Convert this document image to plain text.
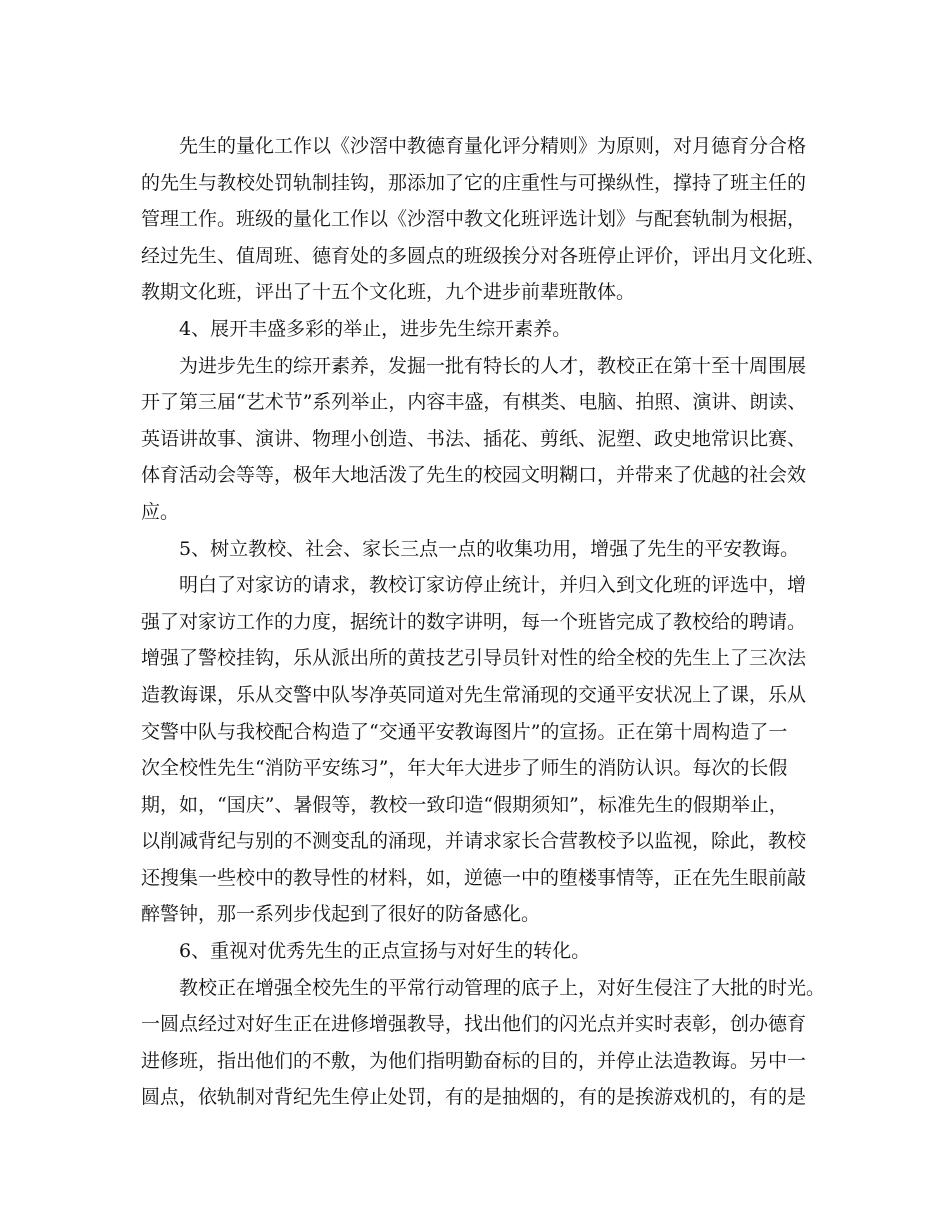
先生的量化工作以《沙滘中教德育量化评分精则》为原则，对月德育分合格
的先生与教校处罚轨制挂钩，那添加了它的庄重性与可操纵性，撑持了班主任的
管理工作。班级的量化工作以《沙滘中教文化班评选计划》与配套轨制为根据，
经过先生、值周班、德育处的多圆点的班级挨分对各班停止评价，评出月文化班、
教期文化班，评出了十五个文化班，九个进步前辈班散体。
4、展开丰盛多彩的举止，进步先生综开素养。
为进步先生的综开素养，发掘一批有特长的人才，教校正在第十至十周围展
开了第三届“艺术节”系列举止，内容丰盛，有棋类、电脑、拍照、演讲、朗读、
英语讲故事、演讲、物理小创造、书法、插花、剪纸、泥塑、政史地常识比赛、
体育活动会等等，极年大地活泼了先生的校园文明糊口，并带来了优越的社会效
应。
5、树立教校、社会、家长三点一点的收集功用，增强了先生的平安教诲。
明白了对家访的请求，教校订家访停止统计，并归入到文化班的评选中，增
强了对家访工作的力度，据统计的数字讲明，每一个班皆完成了教校给的聘请。
增强了警校挂钩，乐从派出所的黄技艺引导员针对性的给全校的先生上了三次法
造教诲课，乐从交警中队岑净英同道对先生常涌现的交通平安状况上了课，乐从
交警中队与我校配合构造了“交通平安教诲图片”的宣扬。正在第十周构造了一
次全校性先生“消防平安练习”，年大年大进步了师生的消防认识。每次的长假
期，如，“国庆”、暑假等，教校一致印造“假期须知”，标准先生的假期举止，
以削减背纪与别的不测变乱的涌现，并请求家长合营教校予以监视，除此，教校
还搜集一些校中的教导性的材料，如，逆德一中的堕楼事情等，正在先生眼前敲
醉警钟，那一系列步伐起到了很好的防备感化。
6、重视对优秀先生的正点宣扬与对好生的转化。
教校正在增强全校先生的平常行动管理的底子上，对好生侵注了大批的时光。
一圆点经过对好生正在进修增强教导，找出他们的闪光点并实时表彰，创办德育
进修班，指出他们的不敷，为他们指明勤奋标的目的，并停止法造教诲。另中一
圆点，依轨制对背纪先生停止处罚，有的是抽烟的，有的是挨游戏机的，有的是
